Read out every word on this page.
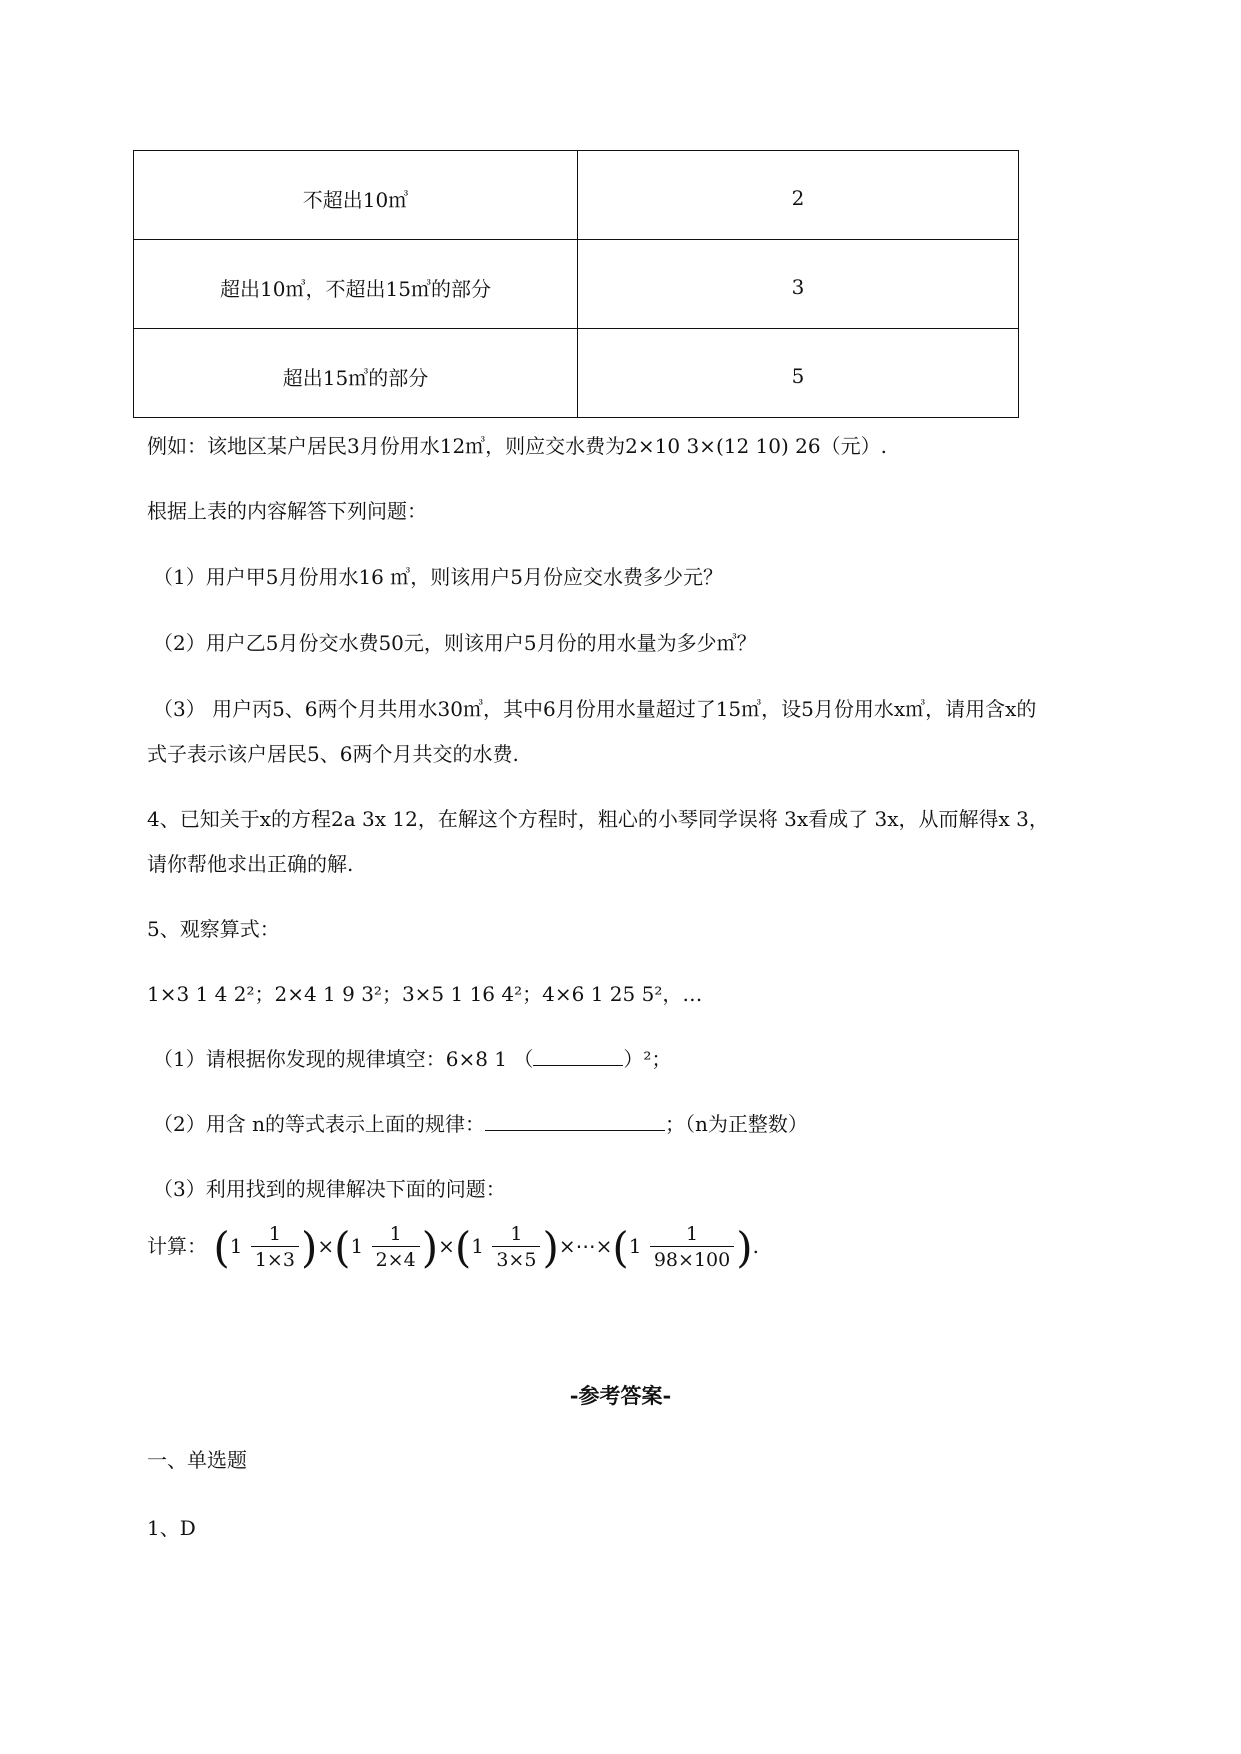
不超出10㎥	2
超出10㎥，不超出15㎥的部分	3
超出15㎥的部分	5
例如：该地区某户居民3月份用水12㎥，则应交水费为2×10 3×(12 10) 26（元）.
根据上表的内容解答下列问题：
（1）用户甲5月份用水16 ㎥，则该用户5月份应交水费多少元？
（2）用户乙5月份交水费50元，则该用户5月份的用水量为多少㎥？
（3） 用户丙5、6两个月共用水30㎥，其中6月份用水量超过了15㎥，设5月份用水x㎥，请用含x的
式子表示该户居民5、6两个月共交的水费.
4、已知关于x的方程2a 3x 12，在解这个方程时，粗心的小琴同学误将 3x看成了 3x，从而解得x 3，
请你帮他求出正确的解.
5、观察算式：
1×3 1 4 2²；2×4 1 9 3²；3×5 1 16 4²；4×6 1 25 5²，…
（1）请根据你发现的规律填空：6×8 1 （	）²；
（2）用含 n的等式表示上面的规律：	；（n为正整数）
（3）利用找到的规律解决下面的问题：
计算： $(1 \frac{1}{1\times 3} )\times(1 \frac{1}{2\times 4} )\times(1 \frac{1}{3\times 5}$ )×⋯×(1 $\frac{1}{98\times 100}$ ).
-参考答案-
一、单选题
1、D
